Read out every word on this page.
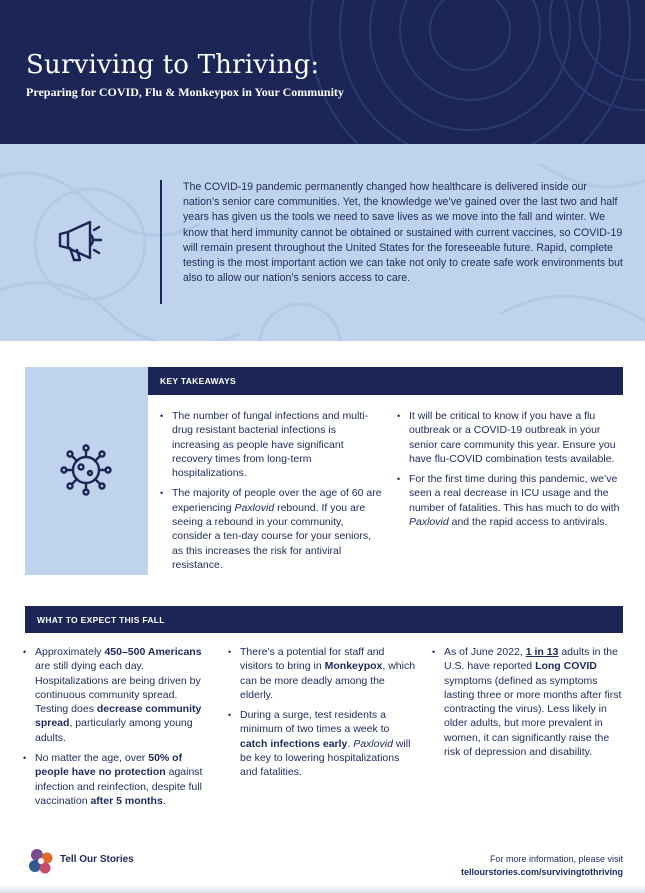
Surviving to Thriving:
Preparing for COVID, Flu & Monkeypox in Your Community
The COVID-19 pandemic permanently changed how healthcare is delivered inside our nation’s senior care communities. Yet, the knowledge we’ve gained over the last two and half years has given us the tools we need to save lives as we move into the fall and winter. We know that herd immunity cannot be obtained or sustained with current vaccines, so COVID-19 will remain present throughout the United States for the foreseeable future. Rapid, complete testing is the most important action we can take not only to create safe work environments but also to allow our nation’s seniors access to care.
KEY TAKEAWAYS
• The number of fungal infections and multi-drug resistant bacterial infections is increasing as people have significant recovery times from long-term hospitalizations.
• The majority of people over the age of 60 are experiencing Paxlovid rebound. If you are seeing a rebound in your community, consider a ten-day course for your seniors, as this increases the risk for antiviral resistance.
• It will be critical to know if you have a flu outbreak or a COVID-19 outbreak in your senior care community this year. Ensure you have flu-COVID combination tests available.
• For the first time during this pandemic, we’ve seen a real decrease in ICU usage and the number of fatalities. This has much to do with Paxlovid and the rapid access to antivirals.
WHAT TO EXPECT THIS FALL
• Approximately 450–500 Americans are still dying each day. Hospitalizations are being driven by continuous community spread. Testing does decrease community spread, particularly among young adults.
• No matter the age, over 50% of people have no protection against infection and reinfection, despite full vaccination after 5 months.
• There’s a potential for staff and visitors to bring in Monkeypox, which can be more deadly among the elderly.
• During a surge, test residents a minimum of two times a week to catch infections early. Paxlovid will be key to lowering hospitalizations and fatalities.
• As of June 2022, 1 in 13 adults in the U.S. have reported Long COVID symptoms (defined as symptoms lasting three or more months after first contracting the virus). Less likely in older adults, but more prevalent in women, it can significantly raise the risk of depression and disability.
Tell Our Stories	For more information, please visit
tellourstories.com/survivingtothriving
